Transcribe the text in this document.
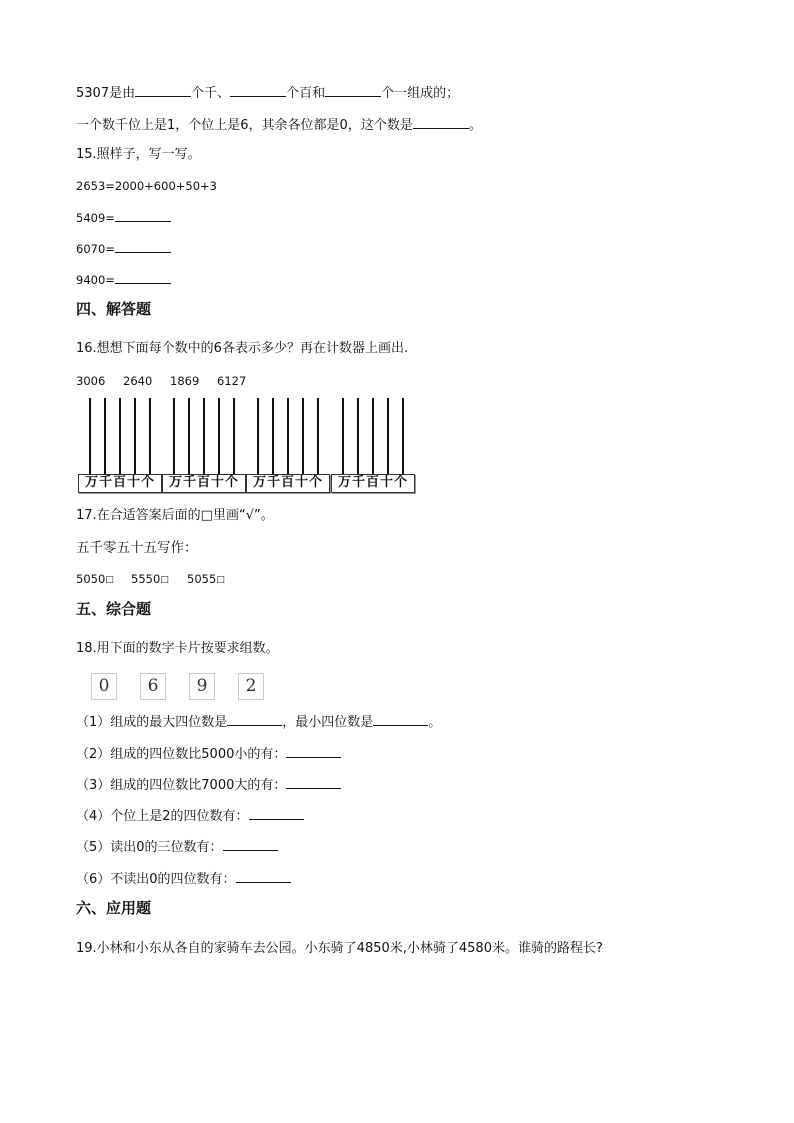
5307是由	个千、	个百和	个一组成的；
一个数千位上是1，个位上是6，其余各位都是0，这个数是	。
15.照样子，写一写。
2653=2000+600+50+3
5409=
6070=
9400=
四、解答题
16.想想下面每个数中的6各表示多少？再在计数器上画出.
3006 2640 1869 6127
万千百十个	万千百十个	万千百十个	万千百十个
17.在合适答案后面的□里画“√”。
五千零五十五写作：
5050□ 5550□ 5055□
五、综合题
18.用下面的数字卡片按要求组数。
0	6	9	2
（1）组成的最大四位数是	，最小四位数是	。
（2）组成的四位数比5000小的有：
（3）组成的四位数比7000大的有：
（4）个位上是2的四位数有：
（5）读出0的三位数有：
（6）不读出0的四位数有：
六、应用题
19.小林和小东从各自的家骑车去公园。小东骑了4850米,小林骑了4580米。谁骑的路程长?
